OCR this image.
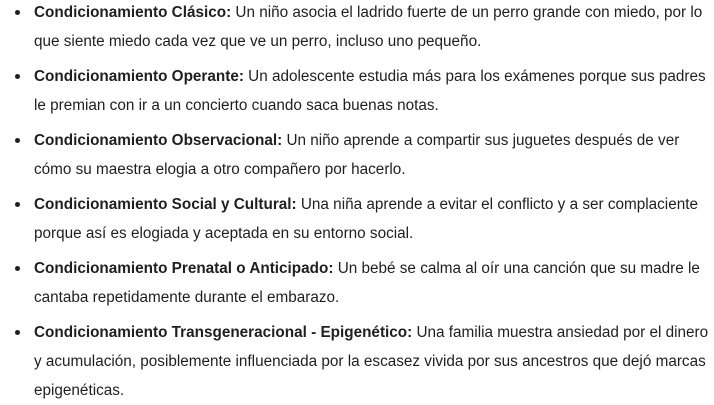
Condicionamiento Clásico: Un niño asocia el ladrido fuerte de un perro grande con miedo, por lo que siente miedo cada vez que ve un perro, incluso uno pequeño.
Condicionamiento Operante: Un adolescente estudia más para los exámenes porque sus padres le premian con ir a un concierto cuando saca buenas notas.
Condicionamiento Observacional: Un niño aprende a compartir sus juguetes después de ver cómo su maestra elogia a otro compañero por hacerlo.
Condicionamiento Social y Cultural: Una niña aprende a evitar el conflicto y a ser complaciente porque así es elogiada y aceptada en su entorno social.
Condicionamiento Prenatal o Anticipado: Un bebé se calma al oír una canción que su madre le cantaba repetidamente durante el embarazo.
Condicionamiento Transgeneracional - Epigenético: Una familia muestra ansiedad por el dinero y acumulación, posiblemente influenciada por la escasez vivida por sus ancestros que dejó marcas epigenéticas.
